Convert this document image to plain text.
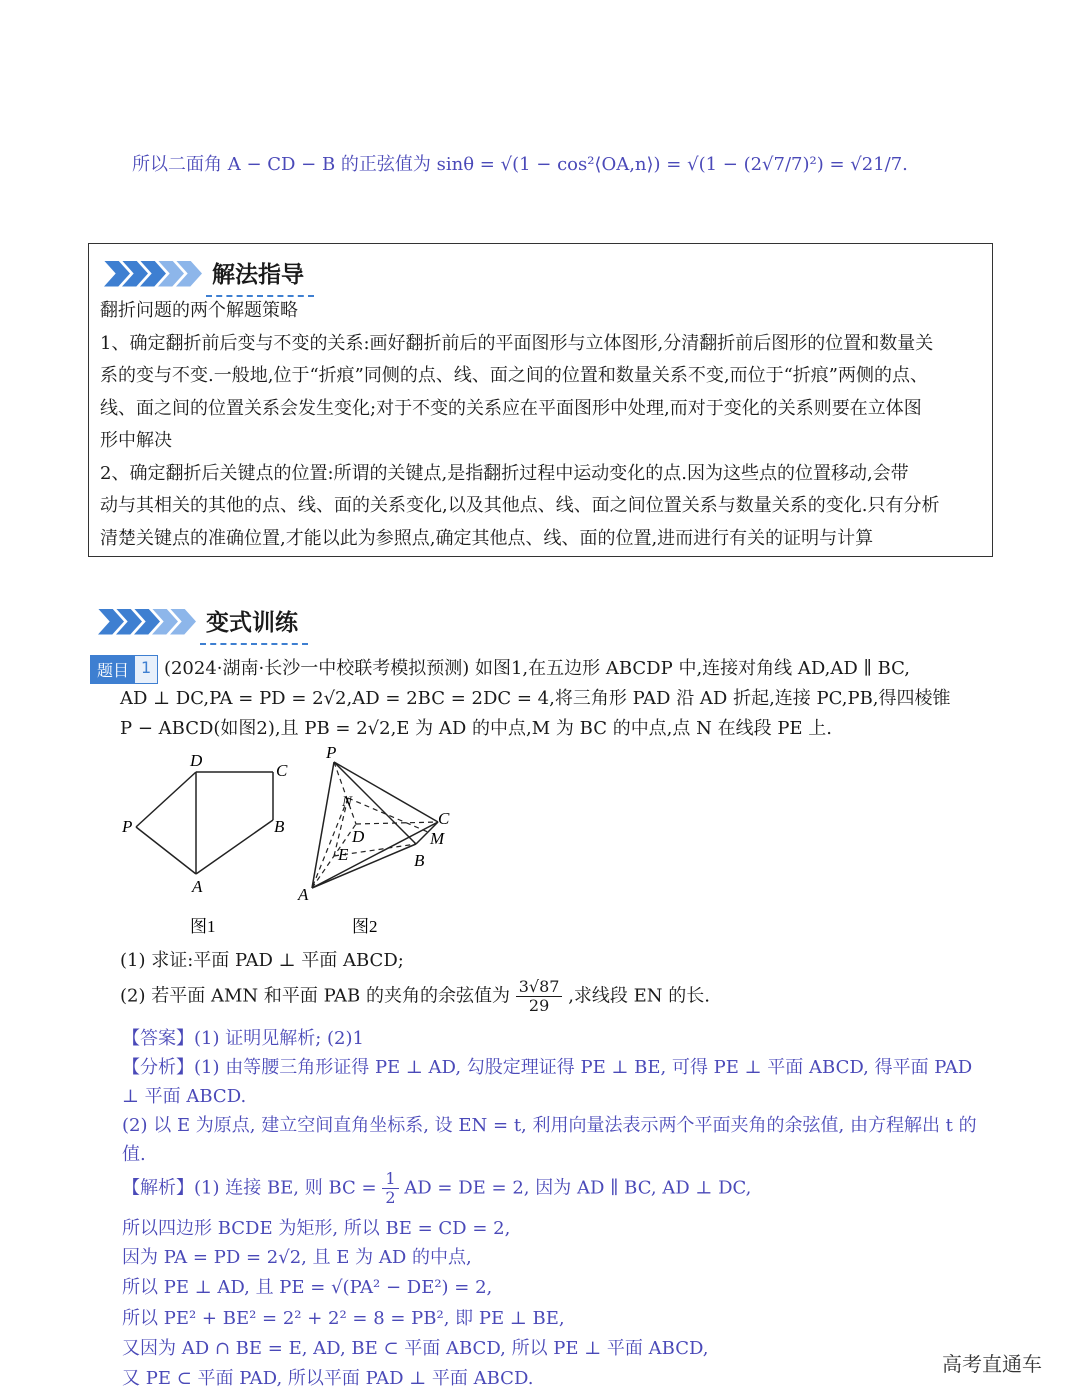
所以二面角 A − CD − B 的正弦值为 sinθ = √(1 − cos²⟨OA,n⟩) = √(1 − (2√7/7)²) = √21/7.
解法指导
翻折问题的两个解题策略
1、确定翻折前后变与不变的关系:画好翻折前后的平面图形与立体图形,分清翻折前后图形的位置和数量关
系的变与不变.一般地,位于“折痕”同侧的点、线、面之间的位置和数量关系不变,而位于“折痕”两侧的点、
线、面之间的位置关系会发生变化;对于不变的关系应在平面图形中处理,而对于变化的关系则要在立体图
形中解决
2、确定翻折后关键点的位置:所谓的关键点,是指翻折过程中运动变化的点.因为这些点的位置移动,会带
动与其相关的其他的点、线、面的关系变化,以及其他点、线、面之间位置关系与数量关系的变化.只有分析
清楚关键点的准确位置,才能以此为参照点,确定其他点、线、面的位置,进而进行有关的证明与计算
变式训练
题目 1 (2024·湖南·长沙一中校联考模拟预测) 如图1,在五边形 ABCDP 中,连接对角线 AD,AD ∥ BC,
AD ⊥ DC,PA = PD = 2√2,AD = 2BC = 2DC = 4,将三角形 PAD 沿 AD 折起,连接 PC,PB,得四棱锥
P − ABCD(如图2),且 PB = 2√2,E 为 AD 的中点,M 为 BC 的中点,点 N 在线段 PE 上.
D
C
P	B
A
图1
P
N
D
C
M
E	B
A
图2
(1) 求证:平面 PAD ⊥ 平面 ABCD;
(2) 若平面 AMN 和平面 PAB 的夹角的余弦值为 $\frac{3√87}{29}$ ,求线段 EN 的长.
【答案】(1) 证明见解析; (2)1
【分析】(1) 由等腰三角形证得 PE ⊥ AD, 勾股定理证得 PE ⊥ BE, 可得 PE ⊥ 平面 ABCD, 得平面 PAD
⊥ 平面 ABCD.
(2) 以 E 为原点, 建立空间直角坐标系, 设 EN = t, 利用向量法表示两个平面夹角的余弦值, 由方程解出 t 的
值.
【解析】(1) 连接 BE, 则 BC = $\frac{1}{2}$ AD = DE = 2, 因为 AD ∥ BC, AD ⊥ DC,
所以四边形 BCDE 为矩形, 所以 BE = CD = 2,
因为 PA = PD = 2√2, 且 E 为 AD 的中点,
所以 PE ⊥ AD, 且 PE = √(PA² − DE²) = 2,
所以 PE² + BE² = 2² + 2² = 8 = PB², 即 PE ⊥ BE,
又因为 AD ∩ BE = E, AD, BE ⊂ 平面 ABCD, 所以 PE ⊥ 平面 ABCD,
又 PE ⊂ 平面 PAD, 所以平面 PAD ⊥ 平面 ABCD.
高考直通车
